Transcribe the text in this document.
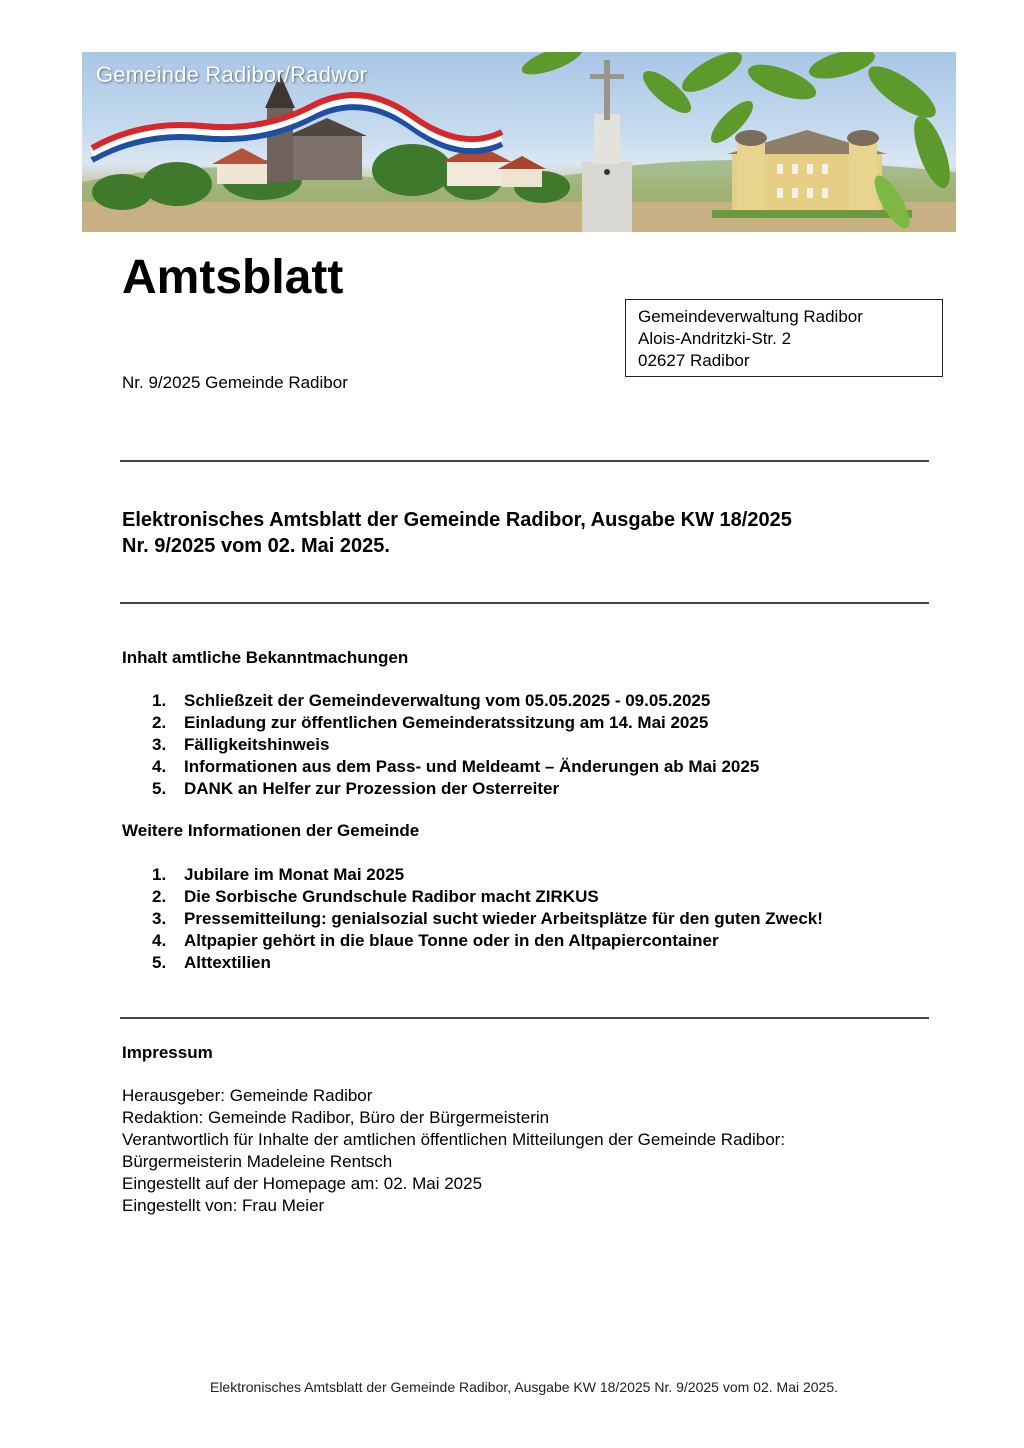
Gemeinde Radibor/Radwor
Amtsblatt
Nr. 9/2025 Gemeinde Radibor
Gemeindeverwaltung Radibor
Alois-Andritzki-Str. 2
02627 Radibor
Elektronisches Amtsblatt der Gemeinde Radibor, Ausgabe KW 18/2025
Nr. 9/2025 vom 02. Mai 2025.
Inhalt amtliche Bekanntmachungen
1.	Schließzeit der Gemeindeverwaltung vom 05.05.2025 - 09.05.2025
2.	Einladung zur öffentlichen Gemeinderatssitzung am 14. Mai 2025
3.	Fälligkeitshinweis
4.	Informationen aus dem Pass- und Meldeamt – Änderungen ab Mai 2025
5.	DANK an Helfer zur Prozession der Osterreiter
Weitere Informationen der Gemeinde
1.	Jubilare im Monat Mai 2025
2.	Die Sorbische Grundschule Radibor macht ZIRKUS
3.	Pressemitteilung: genialsozial sucht wieder Arbeitsplätze für den guten Zweck!
4.	Altpapier gehört in die blaue Tonne oder in den Altpapiercontainer
5.	Alttextilien
Impressum
Herausgeber: Gemeinde Radibor
Redaktion: Gemeinde Radibor, Büro der Bürgermeisterin
Verantwortlich für Inhalte der amtlichen öffentlichen Mitteilungen der Gemeinde Radibor:
Bürgermeisterin Madeleine Rentsch
Eingestellt auf der Homepage am: 02. Mai 2025
Eingestellt von: Frau Meier
Elektronisches Amtsblatt der Gemeinde Radibor, Ausgabe KW 18/2025 Nr. 9/2025 vom 02. Mai 2025.
